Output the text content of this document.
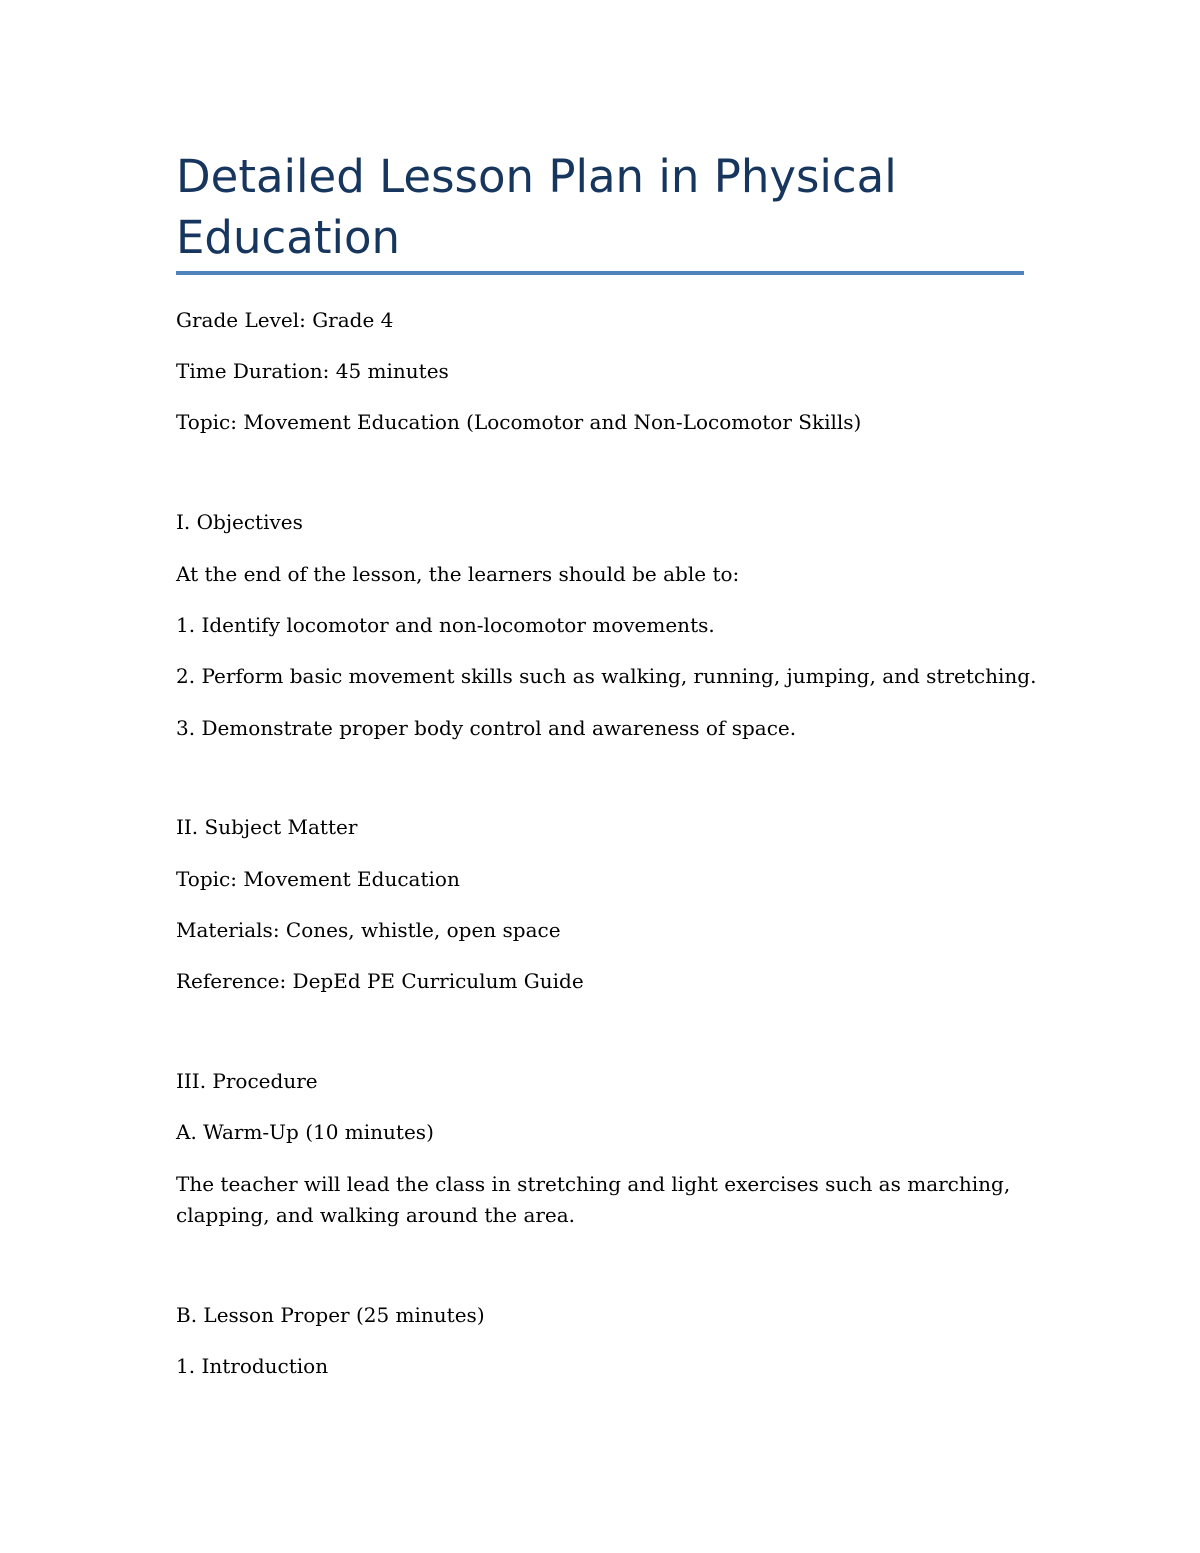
Detailed Lesson Plan in Physical Education

Grade Level: Grade 4

Time Duration: 45 minutes

Topic: Movement Education (Locomotor and Non-Locomotor Skills)

I. Objectives

At the end of the lesson, the learners should be able to:

1. Identify locomotor and non-locomotor movements.

2. Perform basic movement skills such as walking, running, jumping, and stretching.

3. Demonstrate proper body control and awareness of space.

II. Subject Matter

Topic: Movement Education

Materials: Cones, whistle, open space

Reference: DepEd PE Curriculum Guide

III. Procedure

A. Warm-Up (10 minutes)

The teacher will lead the class in stretching and light exercises such as marching, clapping, and walking around the area.

B. Lesson Proper (25 minutes)

1. Introduction
